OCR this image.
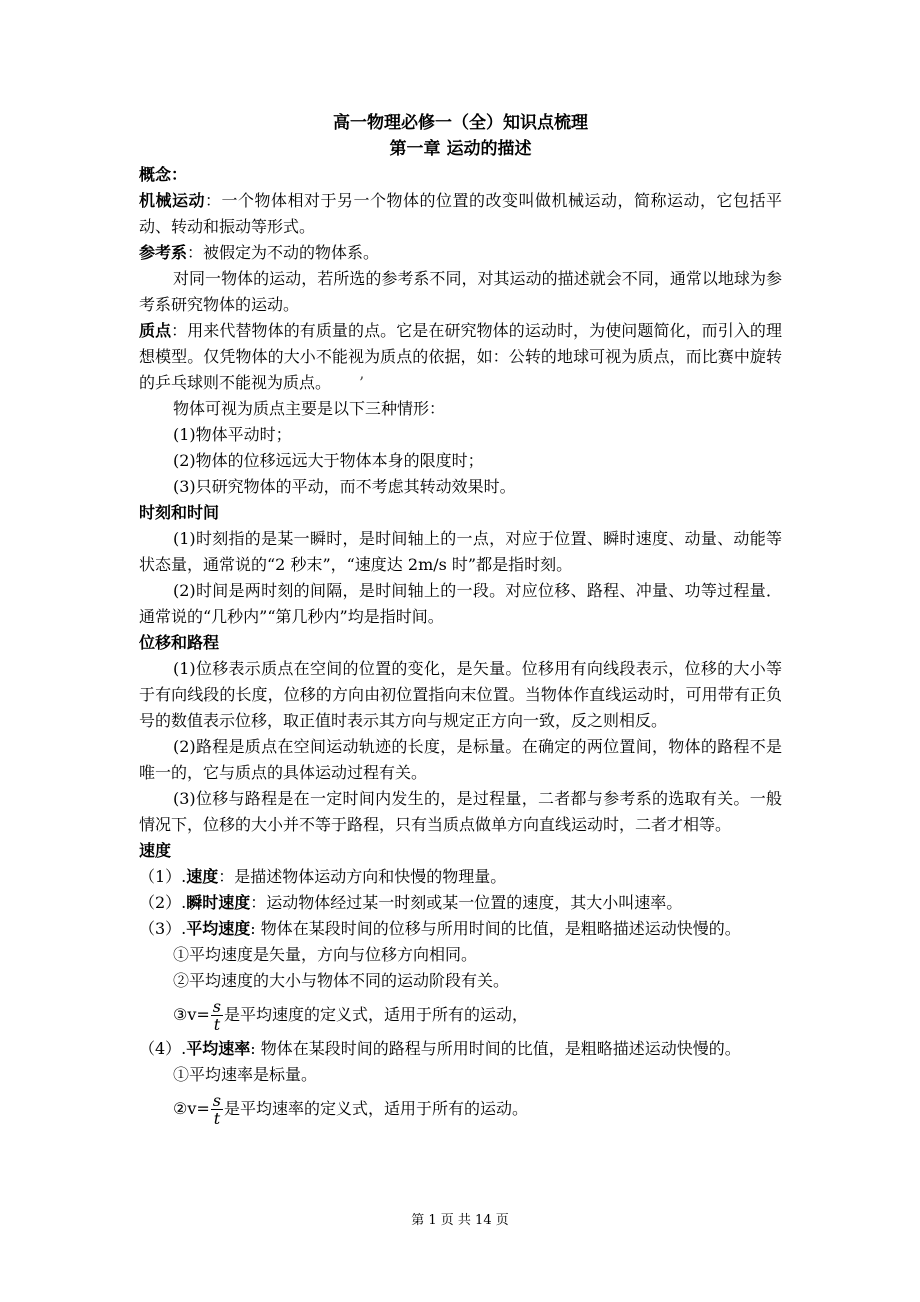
高一物理必修一（全）知识点梳理

第一章 运动的描述

概念：

机械运动：一个物体相对于另一个物体的位置的改变叫做机械运动，简称运动，它包括平动、转动和振动等形式。

参考系：被假定为不动的物体系。

对同一物体的运动，若所选的参考系不同，对其运动的描述就会不同，通常以地球为参考系研究物体的运动。

质点：用来代替物体的有质量的点。它是在研究物体的运动时，为使问题简化，而引入的理想模型。仅凭物体的大小不能视为质点的依据，如：公转的地球可视为质点，而比赛中旋转的乒乓球则不能视为质点。 ’

物体可视为质点主要是以下三种情形：

(1)物体平动时；

(2)物体的位移远远大于物体本身的限度时；

(3)只研究物体的平动，而不考虑其转动效果时。

时刻和时间

(1)时刻指的是某一瞬时，是时间轴上的一点，对应于位置、瞬时速度、动量、动能等状态量，通常说的“2 秒末”，“速度达 2m/s 时”都是指时刻。

(2)时间是两时刻的间隔，是时间轴上的一段。对应位移、路程、冲量、功等过程量．通常说的“几秒内”“第几秒内”均是指时间。

位移和路程

(1)位移表示质点在空间的位置的变化，是矢量。位移用有向线段表示，位移的大小等于有向线段的长度，位移的方向由初位置指向末位置。当物体作直线运动时，可用带有正负号的数值表示位移，取正值时表示其方向与规定正方向一致，反之则相反。

(2)路程是质点在空间运动轨迹的长度，是标量。在确定的两位置间，物体的路程不是唯一的，它与质点的具体运动过程有关。

(3)位移与路程是在一定时间内发生的，是过程量，二者都与参考系的选取有关。一般情况下，位移的大小并不等于路程，只有当质点做单方向直线运动时，二者才相等。

速度

（1）.速度：是描述物体运动方向和快慢的物理量。

（2）.瞬时速度：运动物体经过某一时刻或某一位置的速度，其大小叫速率。

（3）.平均速度: 物体在某段时间的位移与所用时间的比值，是粗略描述运动快慢的。

①平均速度是矢量，方向与位移方向相同。

②平均速度的大小与物体不同的运动阶段有关。

③v= $\frac{s}{t}$ 是平均速度的定义式，适用于所有的运动，

（4）.平均速率: 物体在某段时间的路程与所用时间的比值，是粗略描述运动快慢的。

①平均速率是标量。

②v= $\frac{s}{t}$ 是平均速率的定义式，适用于所有的运动。

第 1 页 共 14 页
